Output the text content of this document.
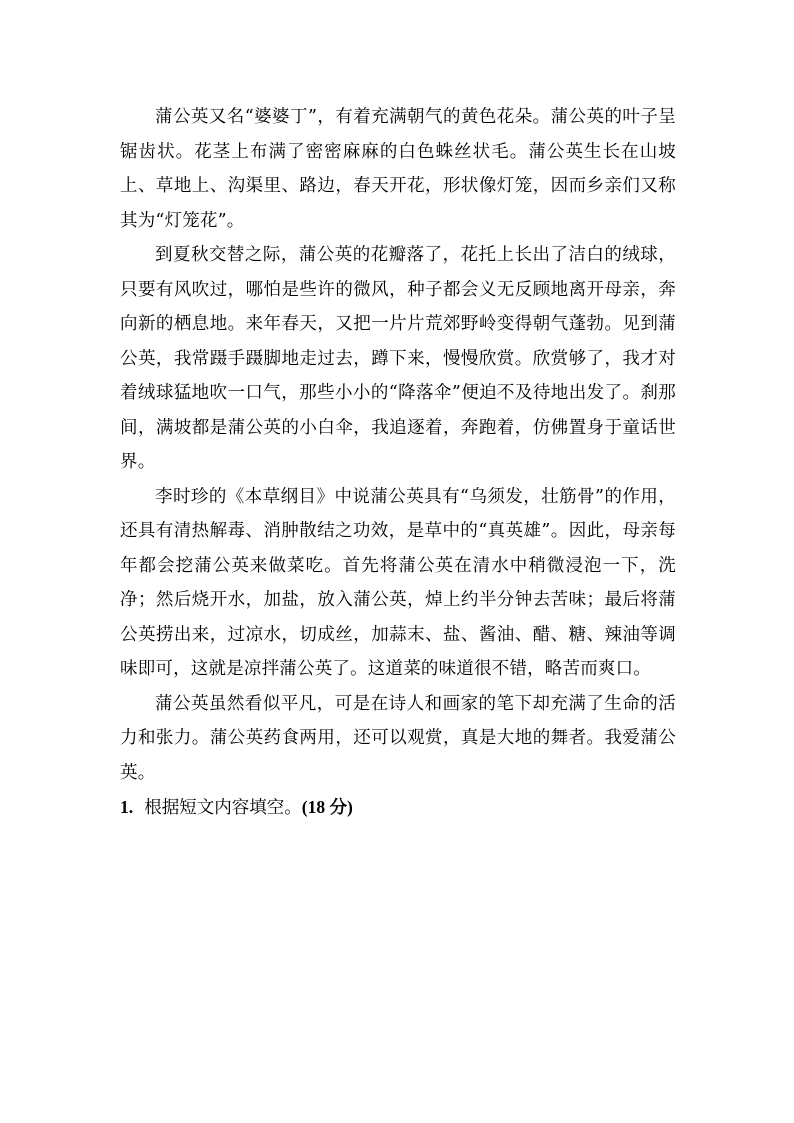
蒲公英又名“婆婆丁”，有着充满朝气的黄色花朵。蒲公英的叶子呈锯齿状。花茎上布满了密密麻麻的白色蛛丝状毛。蒲公英生长在山坡上、草地上、沟渠里、路边，春天开花，形状像灯笼，因而乡亲们又称其为“灯笼花”。

到夏秋交替之际，蒲公英的花瓣落了，花托上长出了洁白的绒球，只要有风吹过，哪怕是些许的微风，种子都会义无反顾地离开母亲，奔向新的栖息地。来年春天，又把一片片荒郊野岭变得朝气蓬勃。见到蒲公英，我常蹑手蹑脚地走过去，蹲下来，慢慢欣赏。欣赏够了，我才对着绒球猛地吹一口气，那些小小的“降落伞”便迫不及待地出发了。刹那间，满坡都是蒲公英的小白伞，我追逐着，奔跑着，仿佛置身于童话世界。

李时珍的《本草纲目》中说蒲公英具有“乌须发，壮筋骨”的作用，还具有清热解毒、消肿散结之功效，是草中的“真英雄”。因此，母亲每年都会挖蒲公英来做菜吃。首先将蒲公英在清水中稍微浸泡一下，洗净；然后烧开水，加盐，放入蒲公英，焯上约半分钟去苦味；最后将蒲公英捞出来，过凉水，切成丝，加蒜末、盐、酱油、醋、糖、辣油等调味即可，这就是凉拌蒲公英了。这道菜的味道很不错，略苦而爽口。

蒲公英虽然看似平凡，可是在诗人和画家的笔下却充满了生命的活力和张力。蒲公英药食两用，还可以观赏，真是大地的舞者。我爱蒲公英。

1. 根据短文内容填空。(18 分)
